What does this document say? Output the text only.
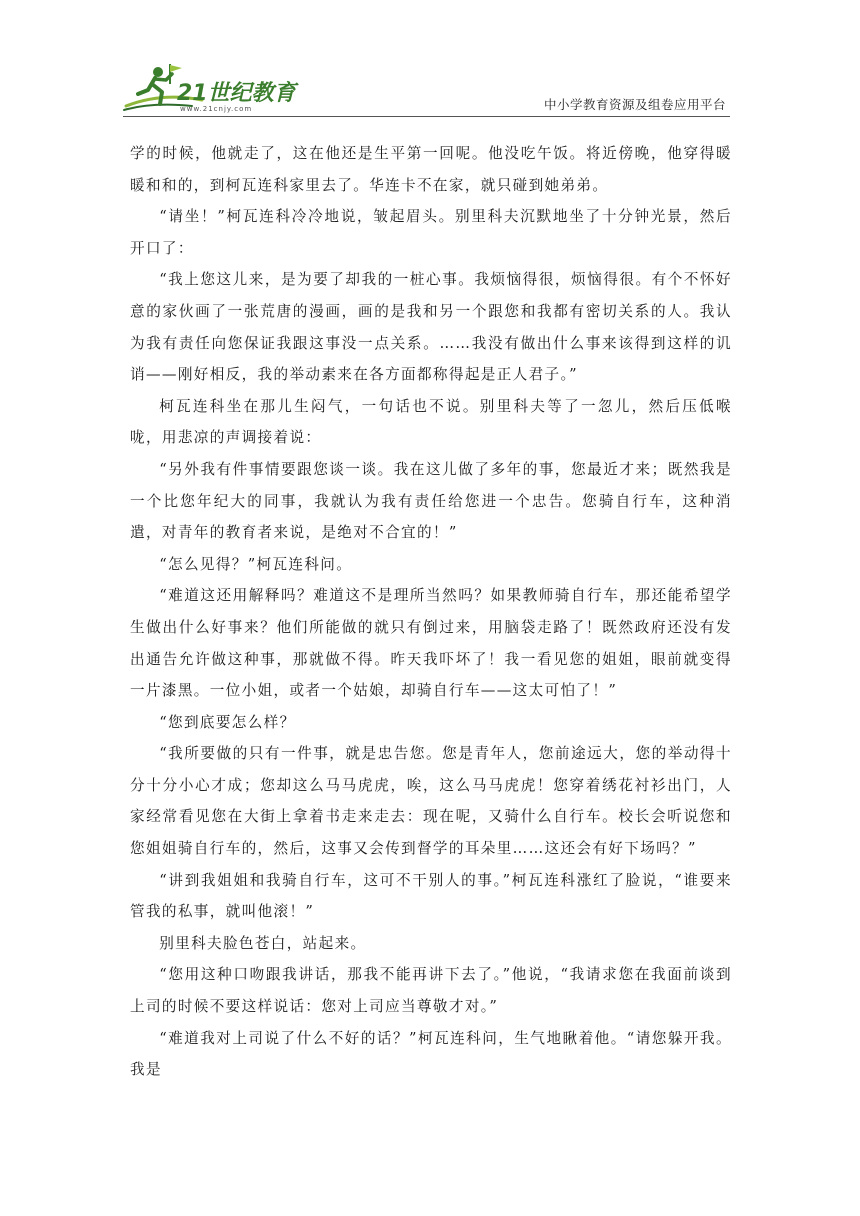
21世纪教育
www.21cnjy.com	中小学教育资源及组卷应用平台

学的时候，他就走了，这在他还是生平第一回呢。他没吃午饭。将近傍晚，他穿得暖暖和和的，到柯瓦连科家里去了。华连卡不在家，就只碰到她弟弟。

“请坐！”柯瓦连科冷冷地说，皱起眉头。别里科夫沉默地坐了十分钟光景，然后开口了：

“我上您这儿来，是为要了却我的一桩心事。我烦恼得很，烦恼得很。有个不怀好意的家伙画了一张荒唐的漫画，画的是我和另一个跟您和我都有密切关系的人。我认为我有责任向您保证我跟这事没一点关系。……我没有做出什么事来该得到这样的讥诮——刚好相反，我的举动素来在各方面都称得起是正人君子。”

柯瓦连科坐在那儿生闷气，一句话也不说。别里科夫等了一忽儿，然后压低喉咙，用悲凉的声调接着说：

“另外我有件事情要跟您谈一谈。我在这儿做了多年的事，您最近才来；既然我是一个比您年纪大的同事，我就认为我有责任给您进一个忠告。您骑自行车，这种消遣，对青年的教育者来说，是绝对不合宜的！”

“怎么见得？”柯瓦连科问。

“难道这还用解释吗？难道这不是理所当然吗？如果教师骑自行车，那还能希望学生做出什么好事来？他们所能做的就只有倒过来，用脑袋走路了！既然政府还没有发出通告允许做这种事，那就做不得。昨天我吓坏了！我一看见您的姐姐，眼前就变得一片漆黑。一位小姐，或者一个姑娘，却骑自行车——这太可怕了！”

“您到底要怎么样？

“我所要做的只有一件事，就是忠告您。您是青年人，您前途远大，您的举动得十分十分小心才成；您却这么马马虎虎，唉，这么马马虎虎！您穿着绣花衬衫出门，人家经常看见您在大街上拿着书走来走去：现在呢，又骑什么自行车。校长会听说您和您姐姐骑自行车的，然后，这事又会传到督学的耳朵里……这还会有好下场吗？”

“讲到我姐姐和我骑自行车，这可不干别人的事。”柯瓦连科涨红了脸说，“谁要来管我的私事，就叫他滚！”

别里科夫脸色苍白，站起来。

“您用这种口吻跟我讲话，那我不能再讲下去了。”他说，“我请求您在我面前谈到上司的时候不要这样说话：您对上司应当尊敬才对。”

“难道我对上司说了什么不好的话？”柯瓦连科问，生气地瞅着他。“请您躲开我。我是
